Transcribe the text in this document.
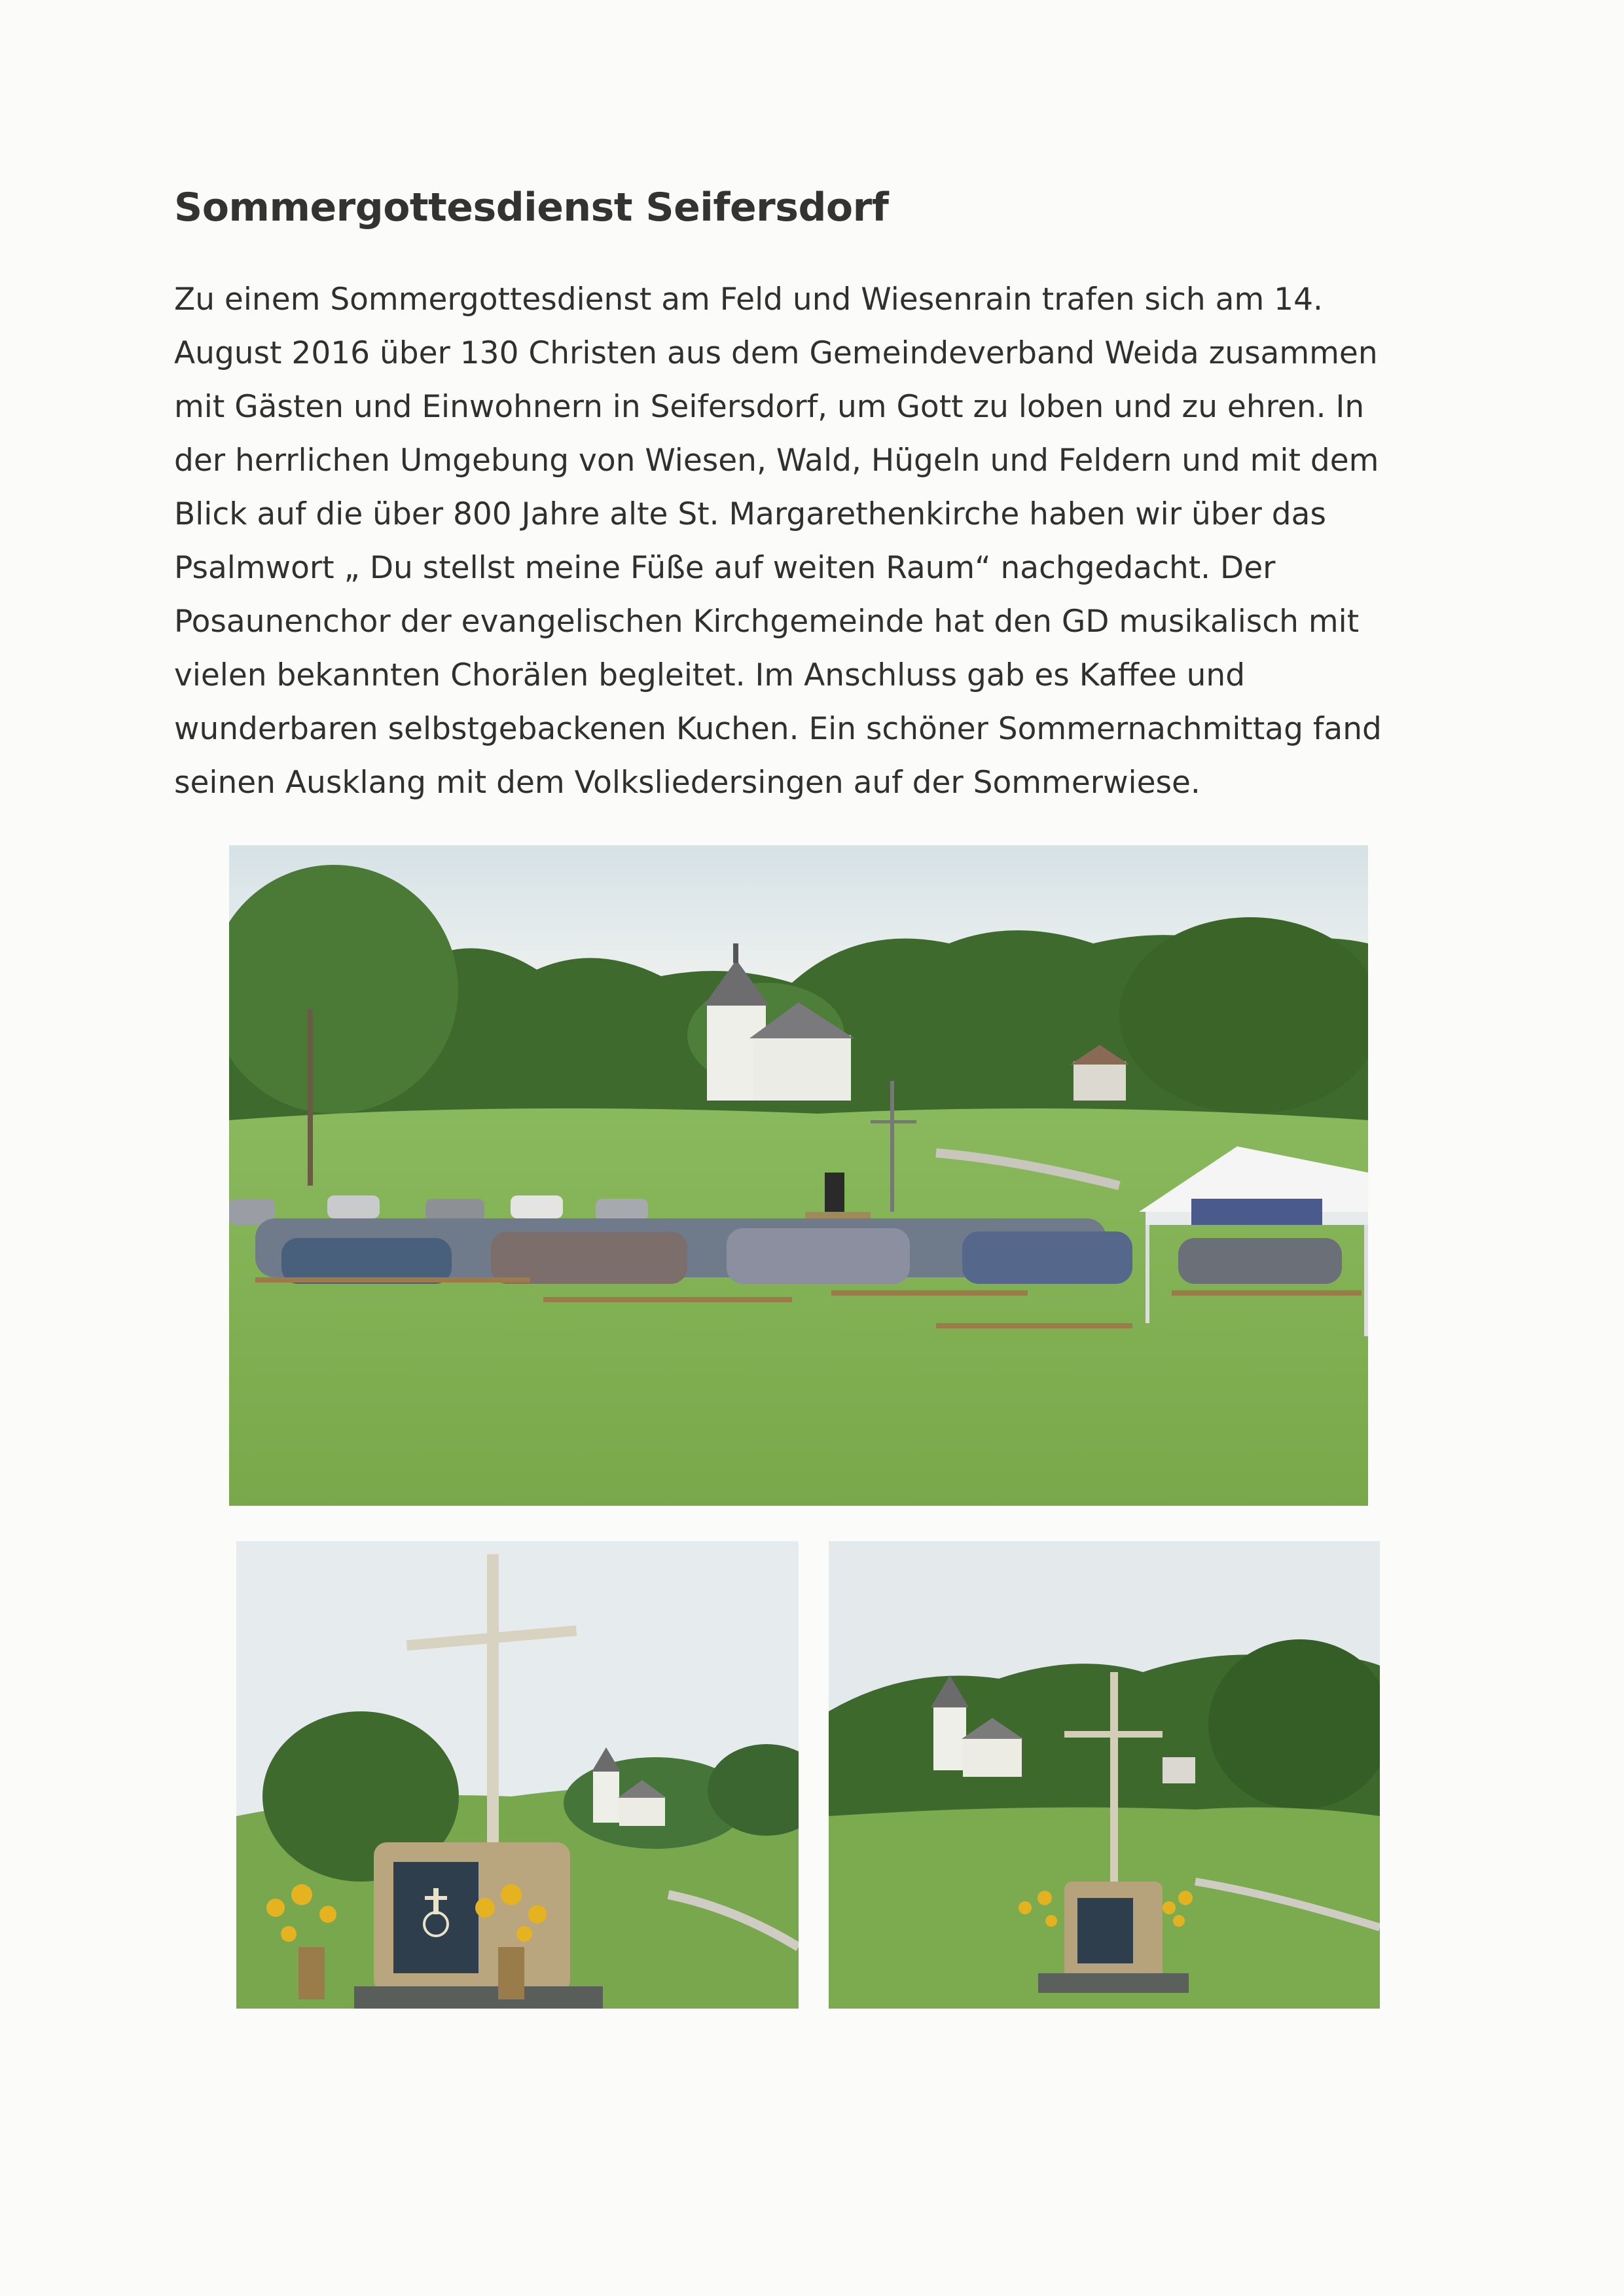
Sommergottesdienst Seifersdorf
Zu einem Sommergottesdienst am Feld und Wiesenrain trafen sich am 14.
August 2016 über 130 Christen aus dem Gemeindeverband Weida zusammen
mit Gästen und Einwohnern in Seifersdorf, um Gott zu loben und zu ehren. In
der herrlichen Umgebung von Wiesen, Wald, Hügeln und Feldern und mit dem
Blick auf die über 800 Jahre alte St. Margarethenkirche haben wir über das
Psalmwort „ Du stellst meine Füße auf weiten Raum“ nachgedacht. Der
Posaunenchor der evangelischen Kirchgemeinde hat den GD musikalisch mit
vielen bekannten Chorälen begleitet. Im Anschluss gab es Kaffee und
wunderbaren selbstgebackenen Kuchen. Ein schöner Sommernachmittag fand
seinen Ausklang mit dem Volksliedersingen auf der Sommerwiese.
